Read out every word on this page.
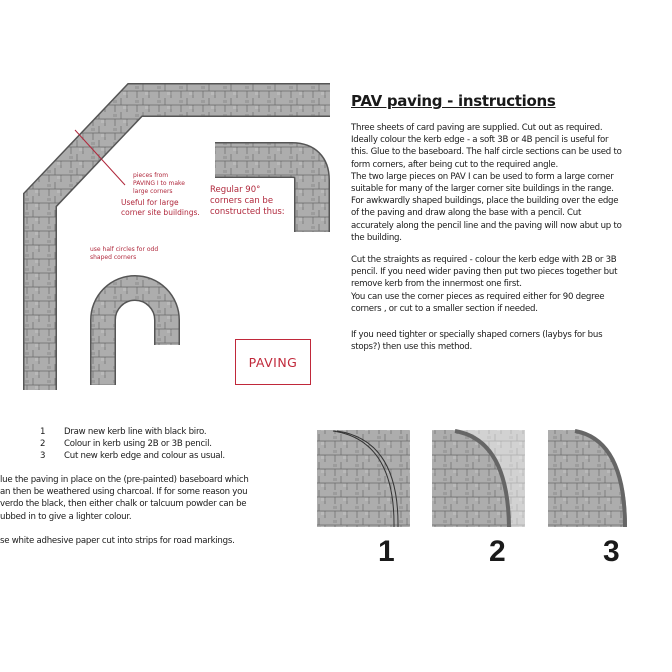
PAV paving - instructions
Three sheets of card paving are supplied. Cut out as required.
Ideally colour the kerb edge - a soft 3B or 4B pencil is useful for
this. Glue to the baseboard. The half circle sections can be used to
form corners, after being cut to the required angle.
The two large pieces on PAV I can be used to form a large corner
suitable for many of the larger corner site buildings in the range.
For awkwardly shaped buildings, place the building over the edge
of the paving and draw along the base with a pencil. Cut
accurately along the pencil line and the paving will now abut up to
the building.
Cut the straights as required - colour the kerb edge with 2B or 3B
pencil. If you need wider paving then put two pieces together but
remove kerb from the innermost one first.
You can use the corner pieces as required either for 90 degree
corners , or cut to a smaller section if needed.
If you need tighter or specially shaped corners (laybys for bus
stops?) then use this method.
pieces from
PAVING I to make
large corners
Useful for large
corner site buildings.
Regular 90°
corners can be
constructed thus:
use half circles for odd
shaped corners
PAVING
1	Draw new kerb line with black biro.
2	Colour in kerb using 2B or 3B pencil.
3	Cut new kerb edge and colour as usual.
lue the paving in place on the (pre-painted) baseboard which
an then be weathered using charcoal. If for some reason you
verdo the black, then either chalk or talcuum powder can be
ubbed in to give a lighter colour.
se white adhesive paper cut into strips for road markings.	1	2	3
